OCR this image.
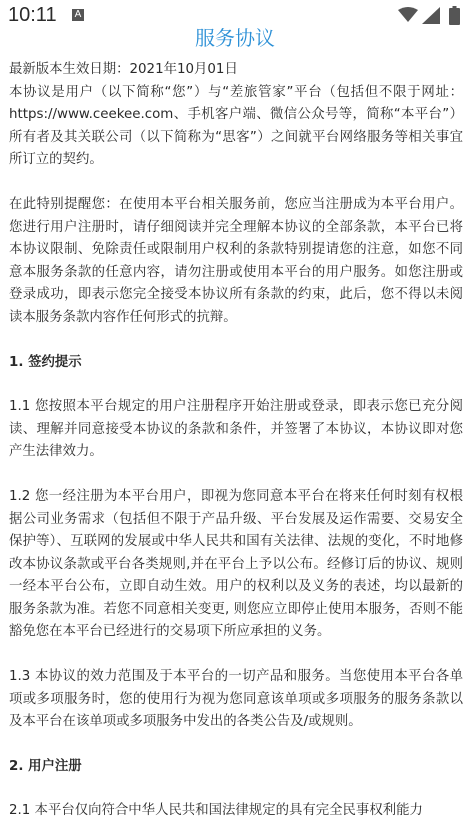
10:11 A
服务协议

最新版本生效日期：2021年10月01日

本协议是用户（以下简称“您”）与“差旅管家”平台（包括但不限于网址：https://www.ceekee.com、手机客户端、微信公众号等，简称“本平台”）所有者及其关联公司（以下简称为“思客”）之间就平台网络服务等相关事宜所订立的契约。

在此特别提醒您：在使用本平台相关服务前，您应当注册成为本平台用户。您进行用户注册时，请仔细阅读并完全理解本协议的全部条款，本平台已将本协议限制、免除责任或限制用户权利的条款特别提请您的注意，如您不同意本服务条款的任意内容，请勿注册或使用本平台的用户服务。如您注册或登录成功，即表示您完全接受本协议所有条款的约束，此后，您不得以未阅读本服务条款内容作任何形式的抗辩。

1. 签约提示

1.1 您按照本平台规定的用户注册程序开始注册或登录，即表示您已充分阅读、理解并同意接受本协议的条款和条件，并签署了本协议，本协议即对您产生法律效力。

1.2 您一经注册为本平台用户，即视为您同意本平台在将来任何时刻有权根据公司业务需求（包括但不限于产品升级、平台发展及运作需要、交易安全保护等）、互联网的发展或中华人民共和国有关法律、法规的变化，不时地修改本协议条款或平台各类规则,并在平台上予以公布。经修订后的协议、规则一经本平台公布，立即自动生效。用户的权利以及义务的表述，均以最新的服务条款为准。若您不同意相关变更, 则您应立即停止使用本服务，否则不能豁免您在本平台已经进行的交易项下所应承担的义务。

1.3 本协议的效力范围及于本平台的一切产品和服务。当您使用本平台各单项或多项服务时，您的使用行为视为您同意该单项或多项服务的服务条款以及本平台在该单项或多项服务中发出的各类公告及/或规则。

2. 用户注册

2.1 本平台仅向符合中华人民共和国法律规定的具有完全民事权利能力
